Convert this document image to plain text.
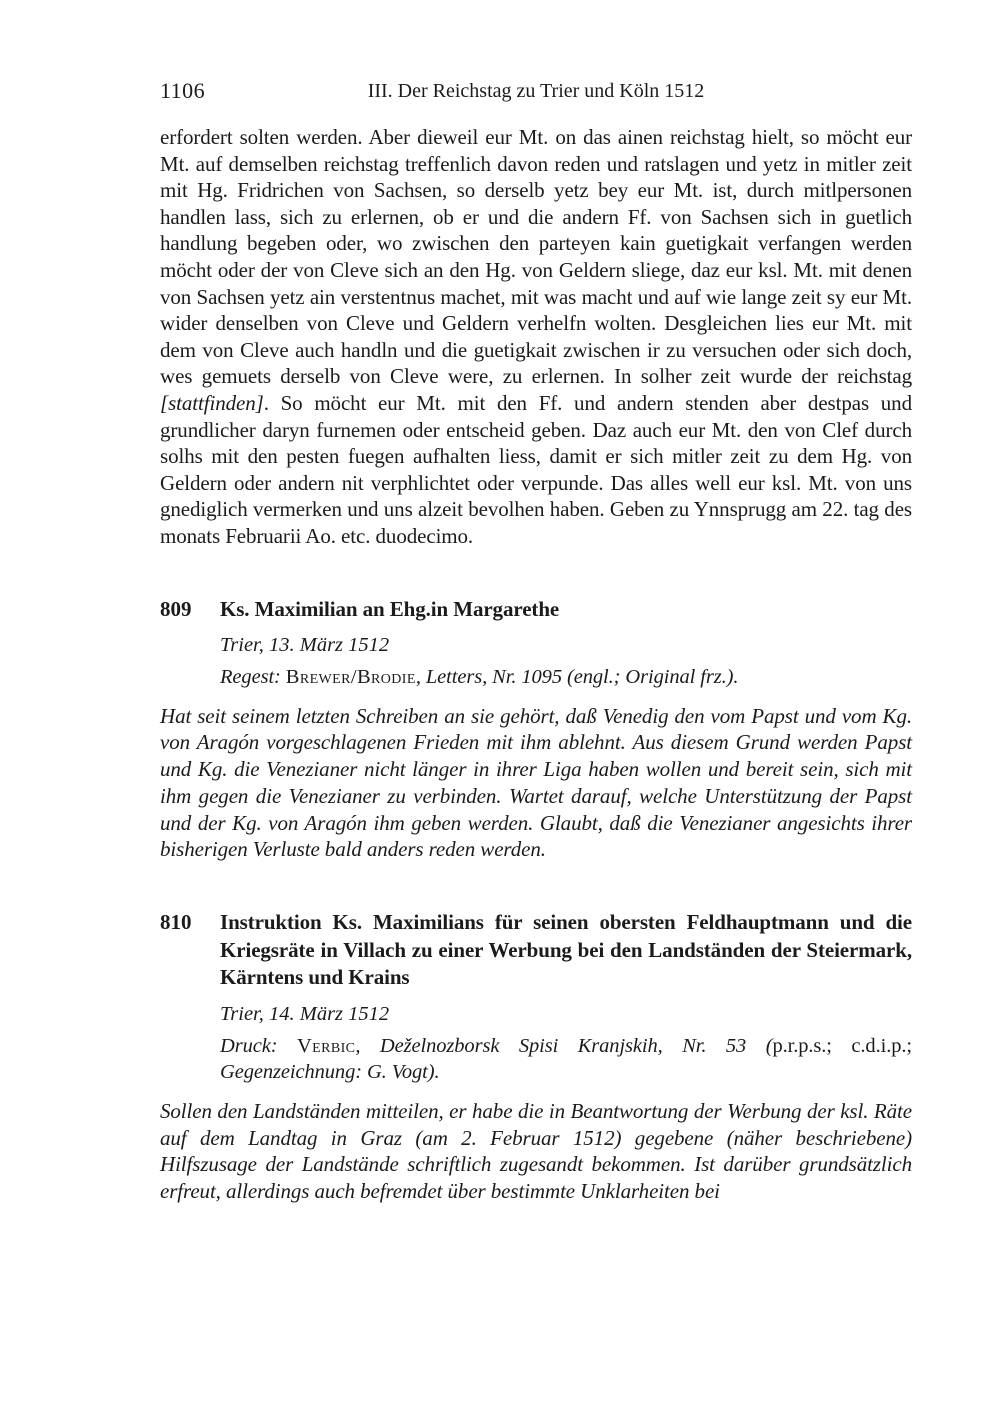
1106	III. Der Reichstag zu Trier und Köln 1512

erfordert solten werden. Aber dieweil eur Mt. on das ainen reichstag hielt, so möcht eur Mt. auf demselben reichstag treffenlich davon reden und ratslagen und yetz in mitler zeit mit Hg. Fridrichen von Sachsen, so derselb yetz bey eur Mt. ist, durch mitlpersonen handlen lass, sich zu erlernen, ob er und die andern Ff. von Sachsen sich in guetlich handlung begeben oder, wo zwischen den parteyen kain guetigkait verfangen werden möcht oder der von Cleve sich an den Hg. von Geldern sliege, daz eur ksl. Mt. mit denen von Sachsen yetz ain verstentnus machet, mit was macht und auf wie lange zeit sy eur Mt. wider denselben von Cleve und Geldern verhelfn wolten. Desgleichen lies eur Mt. mit dem von Cleve auch handln und die guetigkait zwischen ir zu versuchen oder sich doch, wes gemuets derselb von Cleve were, zu erlernen. In solher zeit wurde der reichstag [stattfinden]. So möcht eur Mt. mit den Ff. und andern stenden aber destpas und grundlicher daryn furnemen oder entscheid geben. Daz auch eur Mt. den von Clef durch solhs mit den pesten fuegen aufhalten liess, damit er sich mitler zeit zu dem Hg. von Geldern oder andern nit verphlichtet oder verpunde. Das alles well eur ksl. Mt. von uns gnediglich vermerken und uns alzeit bevolhen haben. Geben zu Ynnsprugg am 22. tag des monats Februarii Ao. etc. duodecimo.

809	Ks. Maximilian an Ehg.in Margarethe

Trier, 13. März 1512

Regest: Brewer/Brodie, Letters, Nr. 1095 (engl.; Original frz.).

Hat seit seinem letzten Schreiben an sie gehört, daß Venedig den vom Papst und vom Kg. von Aragón vorgeschlagenen Frieden mit ihm ablehnt. Aus diesem Grund werden Papst und Kg. die Venezianer nicht länger in ihrer Liga haben wollen und bereit sein, sich mit ihm gegen die Venezianer zu verbinden. Wartet darauf, welche Unterstützung der Papst und der Kg. von Aragón ihm geben werden. Glaubt, daß die Venezianer angesichts ihrer bisherigen Verluste bald anders reden werden.

810	Instruktion Ks. Maximilians für seinen obersten Feldhauptmann und die Kriegsräte in Villach zu einer Werbung bei den Landständen der Steiermark, Kärntens und Krains

Trier, 14. März 1512

Druck: Verbic, Deželnozborsk Spisi Kranjskih, Nr. 53 (p.r.p.s.; c.d.i.p.; Gegenzeichnung: G. Vogt).

Sollen den Landständen mitteilen, er habe die in Beantwortung der Werbung der ksl. Räte auf dem Landtag in Graz (am 2. Februar 1512) gegebene (näher beschriebene) Hilfszusage der Landstände schriftlich zugesandt bekommen. Ist darüber grundsätzlich erfreut, allerdings auch befremdet über bestimmte Unklarheiten bei
